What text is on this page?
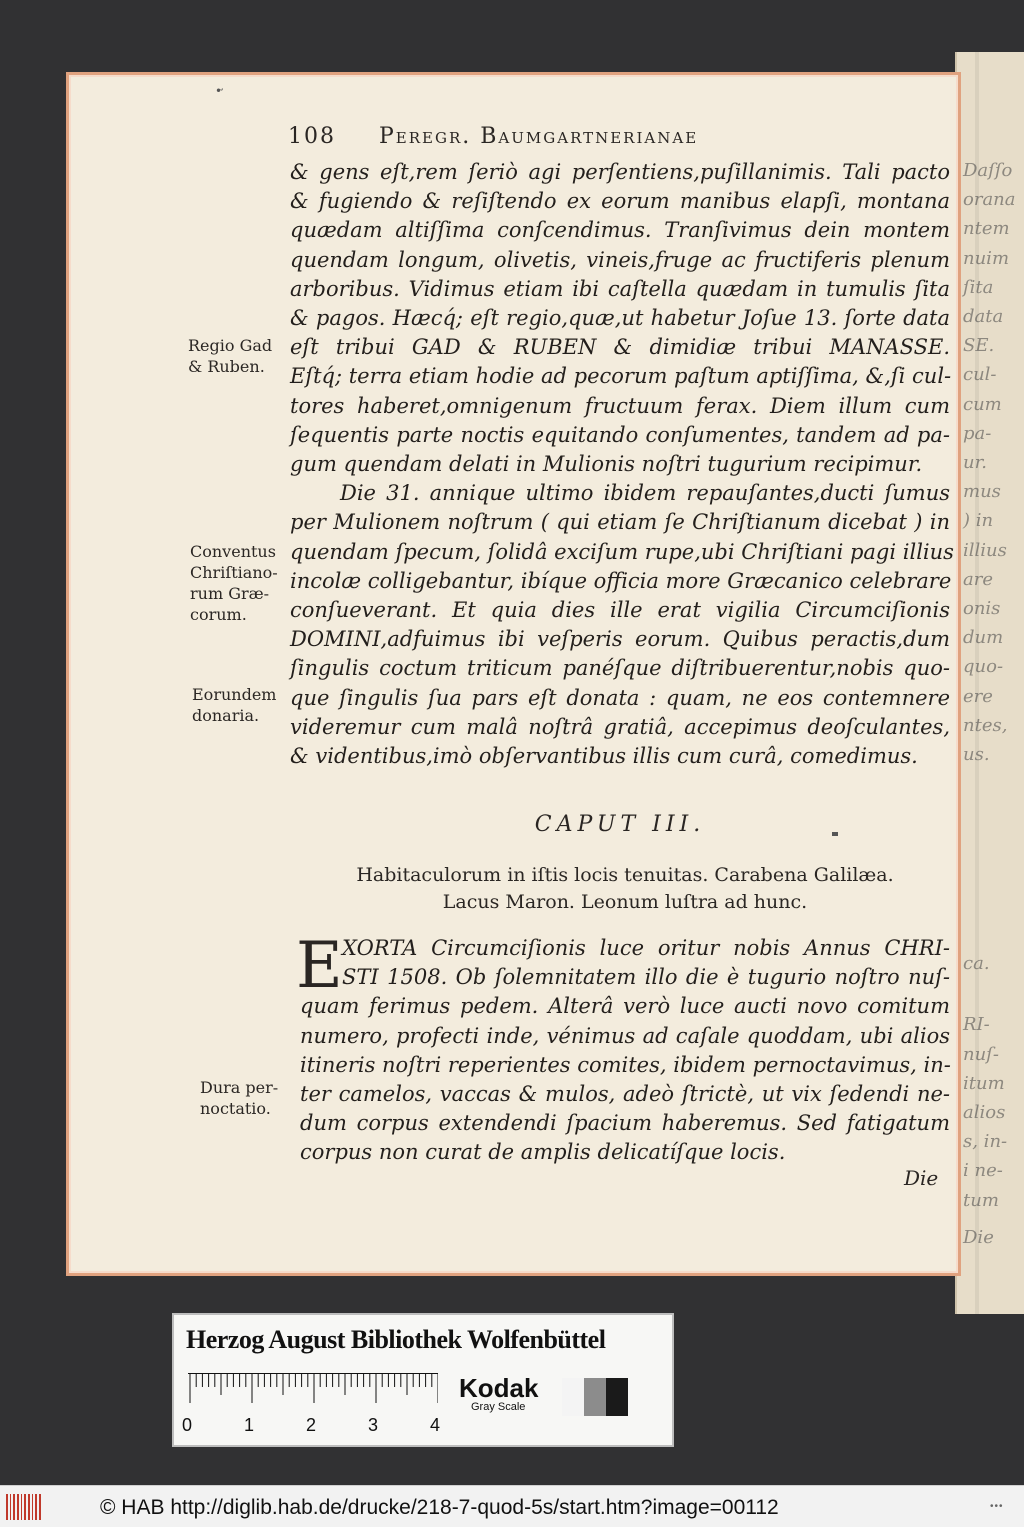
Daſſo
orana
ntem
nuim
ſita
data
SE.
cul-
cum
pa-
ur.
mus
) in
illius
are
onis
dum
quo-
ere
ntes,
us.
ca.
RI-
nuſ-
itum
alios
s, in-
i ne-
tum
Die
•̛
108 Peregr. Baumgartnerianae
& gens eſt,rem ſeriò agi perſentiens,puſillanimis. Tali pacto
& fugiendo & reſiſtendo ex eorum manibus elapſi, montana
quædam altiſſima conſcendimus. Tranſivimus dein montem
quendam longum, olivetis, vineis,fruge ac fructiferis plenum
arboribus. Vidimus etiam ibi caſtella quædam in tumulis ſita
& pagos. Hæcq́; eſt regio,quæ,ut habetur Joſue 13. ſorte data
eſt tribui GAD & RUBEN & dimidiæ tribui MANASSE.
Eſtq́; terra etiam hodie ad pecorum paſtum aptiſſima, &,ſi cul-
tores haberet,omnigenum fructuum ferax. Diem illum cum
ſequentis parte noctis equitando conſumentes, tandem ad pa-
gum quendam delati in Mulionis noſtri tugurium recipimur.
Die 31. annique ultimo ibidem repauſantes,ducti ſumus
per Mulionem noſtrum ( qui etiam ſe Chriſtianum dicebat ) in
quendam ſpecum, ſolidâ exciſum rupe,ubi Chriſtiani pagi illius
incolæ colligebantur, ibíque officia more Græcanico celebrare
conſueverant. Et quia dies ille erat vigilia Circumciſionis
DOMINI,adfuimus ibi veſperis eorum. Quibus peractis,dum
ſingulis coctum triticum panéſque diſtribuerentur,nobis quo-
que ſingulis ſua pars eſt donata : quam, ne eos contemnere
videremur cum malâ noſtrâ gratiâ, accepimus deoſculantes,
& videntibus,imò obſervantibus illis cum curâ, comedimus.
Regio Gad
& Ruben.
Conventus
Chriſtiano-
rum Græ-
corum.
Eorundem
donaria.
Dura per-
noctatio.
CAPUT III.
Habitaculorum in iſtis locis tenuitas. Carabena Galilæa.
Lacus Maron. Leonum luſtra ad hunc.
E XORTA Circumciſionis luce oritur nobis Annus CHRI-
STI 1508. Ob ſolemnitatem illo die è tugurio noſtro nuſ-
quam ferimus pedem. Alterâ verò luce aucti novo comitum
numero, profecti inde, vénimus ad caſale quoddam, ubi alios
itineris noſtri reperientes comites, ibidem pernoctavimus, in-
ter camelos, vaccas & mulos, adeò ſtrictè, ut vix ſedendi ne-
dum corpus extendendi ſpacium haberemus. Sed fatigatum
corpus non curat de amplis delicatíſque locis.
Die
Herzog August Bibliothek Wolfenbüttel
0	1	2	3	4
Kodak
Gray Scale
© HAB http://diglib.hab.de/drucke/218-7-quod-5s/start.htm?image=00112	•••
